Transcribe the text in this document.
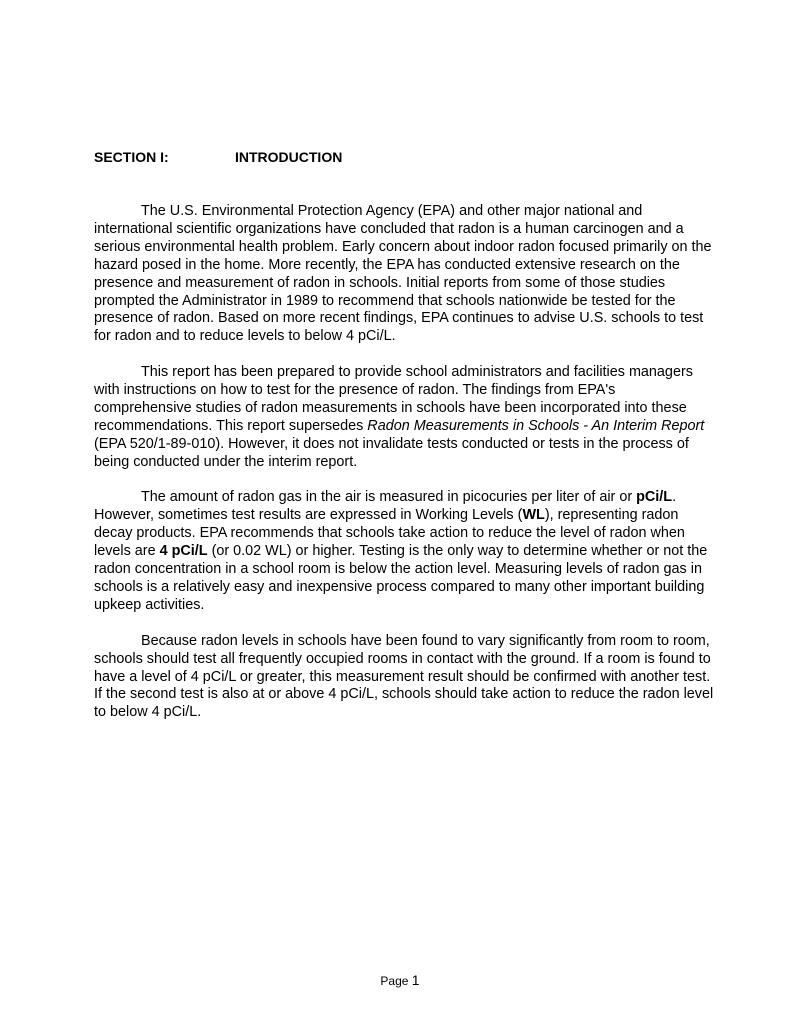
SECTION I:	INTRODUCTION

The U.S. Environmental Protection Agency (EPA) and other major national and international scientific organizations have concluded that radon is a human carcinogen and a serious environmental health problem. Early concern about indoor radon focused primarily on the hazard posed in the home. More recently, the EPA has conducted extensive research on the presence and measurement of radon in schools. Initial reports from some of those studies prompted the Administrator in 1989 to recommend that schools nationwide be tested for the presence of radon. Based on more recent findings, EPA continues to advise U.S. schools to test for radon and to reduce levels to below 4 pCi/L.

This report has been prepared to provide school administrators and facilities managers with instructions on how to test for the presence of radon. The findings from EPA's comprehensive studies of radon measurements in schools have been incorporated into these recommendations. This report supersedes Radon Measurements in Schools - An Interim Report (EPA 520/1-89-010). However, it does not invalidate tests conducted or tests in the process of being conducted under the interim report.

The amount of radon gas in the air is measured in picocuries per liter of air or pCi/L. However, sometimes test results are expressed in Working Levels (WL), representing radon decay products. EPA recommends that schools take action to reduce the level of radon when levels are 4 pCi/L (or 0.02 WL) or higher. Testing is the only way to determine whether or not the radon concentration in a school room is below the action level. Measuring levels of radon gas in schools is a relatively easy and inexpensive process compared to many other important building upkeep activities.

Because radon levels in schools have been found to vary significantly from room to room, schools should test all frequently occupied rooms in contact with the ground. If a room is found to have a level of 4 pCi/L or greater, this measurement result should be confirmed with another test. If the second test is also at or above 4 pCi/L, schools should take action to reduce the radon level to below 4 pCi/L.

Page 1
